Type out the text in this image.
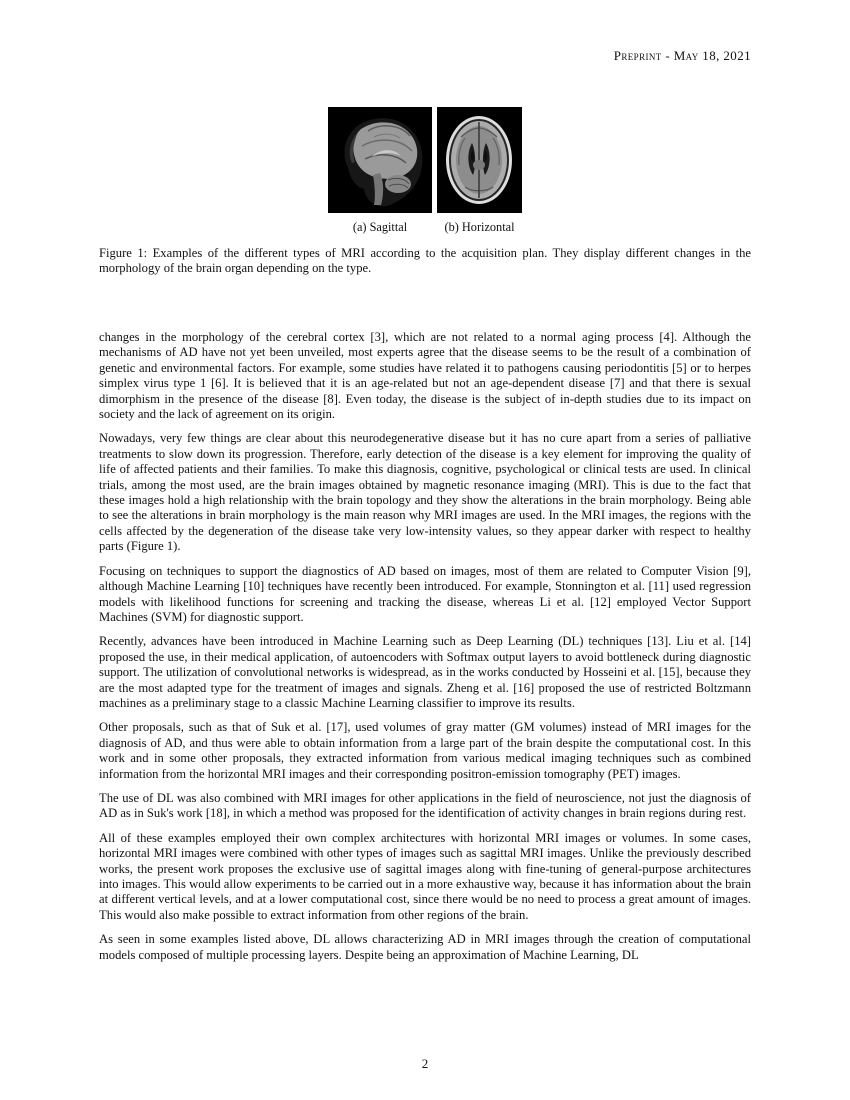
Preprint - May 18, 2021
(a) Sagittal	(b) Horizontal
Figure 1: Examples of the different types of MRI according to the acquisition plan. They display different changes in the morphology of the brain organ depending on the type.

changes in the morphology of the cerebral cortex [3], which are not related to a normal aging process [4]. Although the mechanisms of AD have not yet been unveiled, most experts agree that the disease seems to be the result of a combination of genetic and environmental factors. For example, some studies have related it to pathogens causing periodontitis [5] or to herpes simplex virus type 1 [6]. It is believed that it is an age-related but not an age-dependent disease [7] and that there is sexual dimorphism in the presence of the disease [8]. Even today, the disease is the subject of in-depth studies due to its impact on society and the lack of agreement on its origin.

Nowadays, very few things are clear about this neurodegenerative disease but it has no cure apart from a series of palliative treatments to slow down its progression. Therefore, early detection of the disease is a key element for improving the quality of life of affected patients and their families. To make this diagnosis, cognitive, psychological or clinical tests are used. In clinical trials, among the most used, are the brain images obtained by magnetic resonance imaging (MRI). This is due to the fact that these images hold a high relationship with the brain topology and they show the alterations in the brain morphology. Being able to see the alterations in brain morphology is the main reason why MRI images are used. In the MRI images, the regions with the cells affected by the degeneration of the disease take very low-intensity values, so they appear darker with respect to healthy parts (Figure 1).

Focusing on techniques to support the diagnostics of AD based on images, most of them are related to Computer Vision [9], although Machine Learning [10] techniques have recently been introduced. For example, Stonnington et al. [11] used regression models with likelihood functions for screening and tracking the disease, whereas Li et al. [12] employed Vector Support Machines (SVM) for diagnostic support.

Recently, advances have been introduced in Machine Learning such as Deep Learning (DL) techniques [13]. Liu et al. [14] proposed the use, in their medical application, of autoencoders with Softmax output layers to avoid bottleneck during diagnostic support. The utilization of convolutional networks is widespread, as in the works conducted by Hosseini et al. [15], because they are the most adapted type for the treatment of images and signals. Zheng et al. [16] proposed the use of restricted Boltzmann machines as a preliminary stage to a classic Machine Learning classifier to improve its results.

Other proposals, such as that of Suk et al. [17], used volumes of gray matter (GM volumes) instead of MRI images for the diagnosis of AD, and thus were able to obtain information from a large part of the brain despite the computational cost. In this work and in some other proposals, they extracted information from various medical imaging techniques such as combined information from the horizontal MRI images and their corresponding positron-emission tomography (PET) images.

The use of DL was also combined with MRI images for other applications in the field of neuroscience, not just the diagnosis of AD as in Suk's work [18], in which a method was proposed for the identification of activity changes in brain regions during rest.

All of these examples employed their own complex architectures with horizontal MRI images or volumes. In some cases, horizontal MRI images were combined with other types of images such as sagittal MRI images. Unlike the previously described works, the present work proposes the exclusive use of sagittal images along with fine-tuning of general-purpose architectures into images. This would allow experiments to be carried out in a more exhaustive way, because it has information about the brain at different vertical levels, and at a lower computational cost, since there would be no need to process a great amount of images. This would also make possible to extract information from other regions of the brain.

As seen in some examples listed above, DL allows characterizing AD in MRI images through the creation of computational models composed of multiple processing layers. Despite being an approximation of Machine Learning, DL

2
